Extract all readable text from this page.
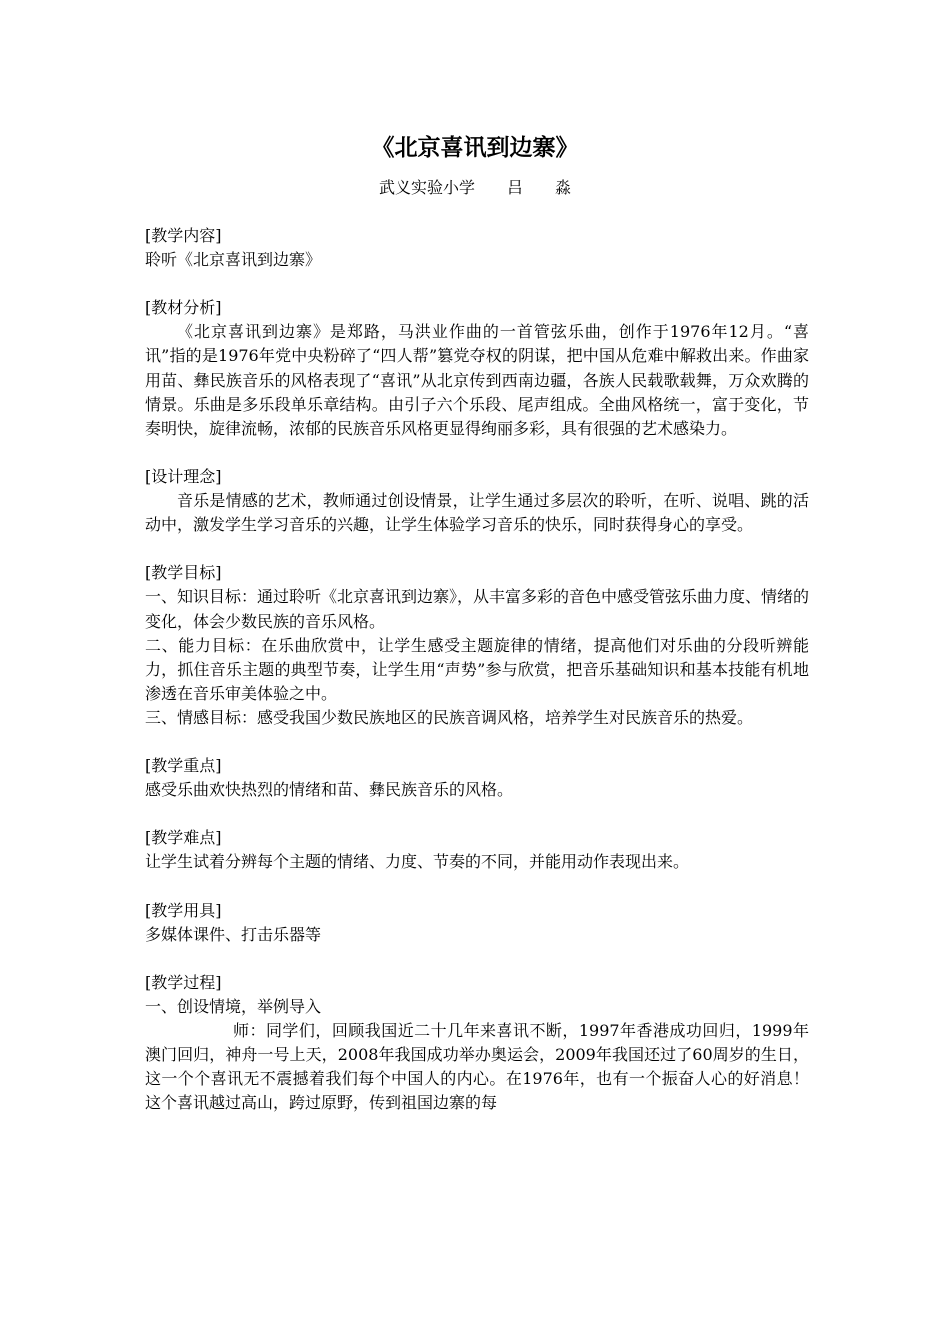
《北京喜讯到边寨》
武义实验小学　　吕　　淼

[教学内容]

聆听《北京喜讯到边寨》

[教材分析]

《北京喜讯到边寨》是郑路，马洪业作曲的一首管弦乐曲，创作于1976年12月。“喜讯”指的是1976年党中央粉碎了“四人帮”篡党夺权的阴谋，把中国从危难中解救出来。作曲家用苗、彝民族音乐的风格表现了“喜讯”从北京传到西南边疆，各族人民载歌载舞，万众欢腾的情景。乐曲是多乐段单乐章结构。由引子六个乐段、尾声组成。全曲风格统一，富于变化，节奏明快，旋律流畅，浓郁的民族音乐风格更显得绚丽多彩，具有很强的艺术感染力。

[设计理念]

音乐是情感的艺术，教师通过创设情景，让学生通过多层次的聆听，在听、说唱、跳的活动中，激发学生学习音乐的兴趣，让学生体验学习音乐的快乐，同时获得身心的享受。

[教学目标]

一、知识目标：通过聆听《北京喜讯到边寨》，从丰富多彩的音色中感受管弦乐曲力度、情绪的变化，体会少数民族的音乐风格。

二、能力目标：在乐曲欣赏中，让学生感受主题旋律的情绪，提高他们对乐曲的分段听辨能力，抓住音乐主题的典型节奏，让学生用“声势”参与欣赏，把音乐基础知识和基本技能有机地渗透在音乐审美体验之中。

三、情感目标：感受我国少数民族地区的民族音调风格，培养学生对民族音乐的热爱。

[教学重点]

感受乐曲欢快热烈的情绪和苗、彝民族音乐的风格。

[教学难点]

让学生试着分辨每个主题的情绪、力度、节奏的不同，并能用动作表现出来。

[教学用具]

多媒体课件、打击乐器等

[教学过程]

一、创设情境，举例导入

师：同学们，回顾我国近二十几年来喜讯不断，1997年香港成功回归，1999年澳门回归，神舟一号上天，2008年我国成功举办奥运会，2009年我国还过了60周岁的生日，这一个个喜讯无不震撼着我们每个中国人的内心。在1976年，也有一个振奋人心的好消息！这个喜讯越过高山，跨过原野，传到祖国边寨的每
